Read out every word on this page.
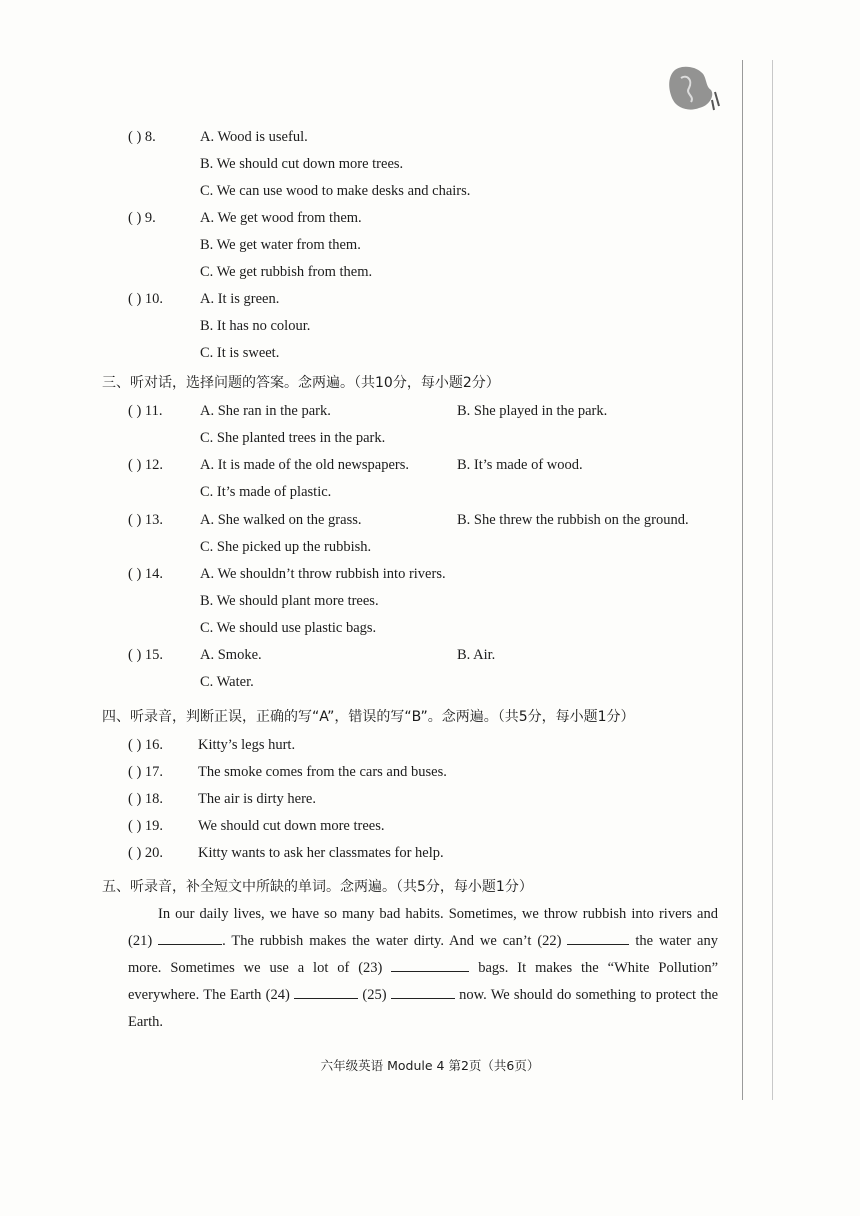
( ) 8.	A. Wood is useful.
B. We should cut down more trees.
C. We can use wood to make desks and chairs.
( ) 9.	A. We get wood from them.
B. We get water from them.
C. We get rubbish from them.
( ) 10.	A. It is green.
B. It has no colour.
C. It is sweet.
三、听对话，选择问题的答案。念两遍。（共10分，每小题2分）
( ) 11.	A. She ran in the park.	B. She played in the park.
C. She planted trees in the park.
( ) 12.	A. It is made of the old newspapers.	B. It’s made of wood.
C. It’s made of plastic.
( ) 13.	A. She walked on the grass.	B. She threw the rubbish on the ground.
C. She picked up the rubbish.
( ) 14.	A. We shouldn’t throw rubbish into rivers.
B. We should plant more trees.
C. We should use plastic bags.
( ) 15.	A. Smoke.	B. Air.
C. Water.
四、听录音，判断正误，正确的写“A”，错误的写“B”。念两遍。（共5分，每小题1分）
( ) 16. Kitty’s legs hurt.
( ) 17. The smoke comes from the cars and buses.
( ) 18. The air is dirty here.
( ) 19. We should cut down more trees.
( ) 20. Kitty wants to ask her classmates for help.
五、听录音，补全短文中所缺的单词。念两遍。（共5分，每小题1分）

In our daily lives, we have so many bad habits. Sometimes, we throw rubbish into rivers and (21)	. The rubbish makes the water dirty. And we can’t (22)	the water any more. Sometimes we use a lot of (23)	bags. It makes the “White Pollution” everywhere. The Earth (24)	(25)	now. We should do something to protect the Earth.

六年级英语 Module 4 第2页（共6页）
